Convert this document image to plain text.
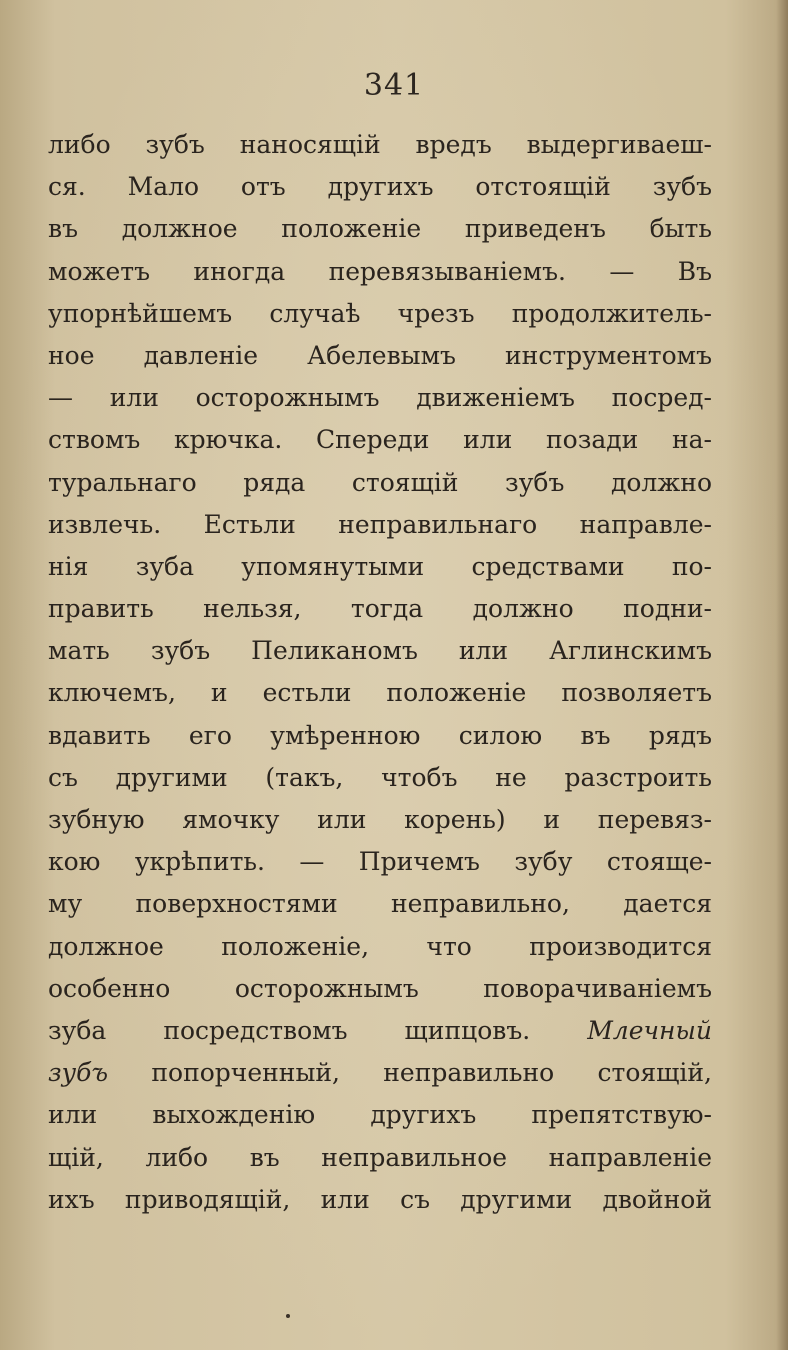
341
либо зубъ наносящій вредъ выдергиваеш-
ся. Мало отъ другихъ отстоящій зубъ
въ должное положеніе приведенъ быть
можетъ иногда перевязываніемъ. — Въ
упорнѣйшемъ случаѣ чрезъ продолжитель-
ное давленіе Абелевымъ инструментомъ
— или осторожнымъ движеніемъ посред-
ствомъ крючка. Спереди или позади на-
туральнаго ряда стоящій зубъ должно
извлечь. Естьли неправильнаго направле-
нія зуба упомянутыми средствами по-
править нельзя, тогда должно подни-
мать зубъ Пеликаномъ или Аглинскимъ
ключемъ, и естьли положеніе позволяетъ
вдавить его умѣренною силою въ рядъ
съ другими (такъ, чтобъ не разстроить
зубную ямочку или корень) и перевяз-
кою укрѣпить. — Причемъ зубу стояще-
му поверхностями неправильно, дается
должное положеніе, что производится
особенно осторожнымъ поворачиваніемъ
зуба посредствомъ щипцовъ. Млечный
зубъ попорченный, неправильно стоящій,
или выхожденію другихъ препятствую-
щій, либо въ неправильное направленіе
ихъ приводящій, или съ другими двойной
